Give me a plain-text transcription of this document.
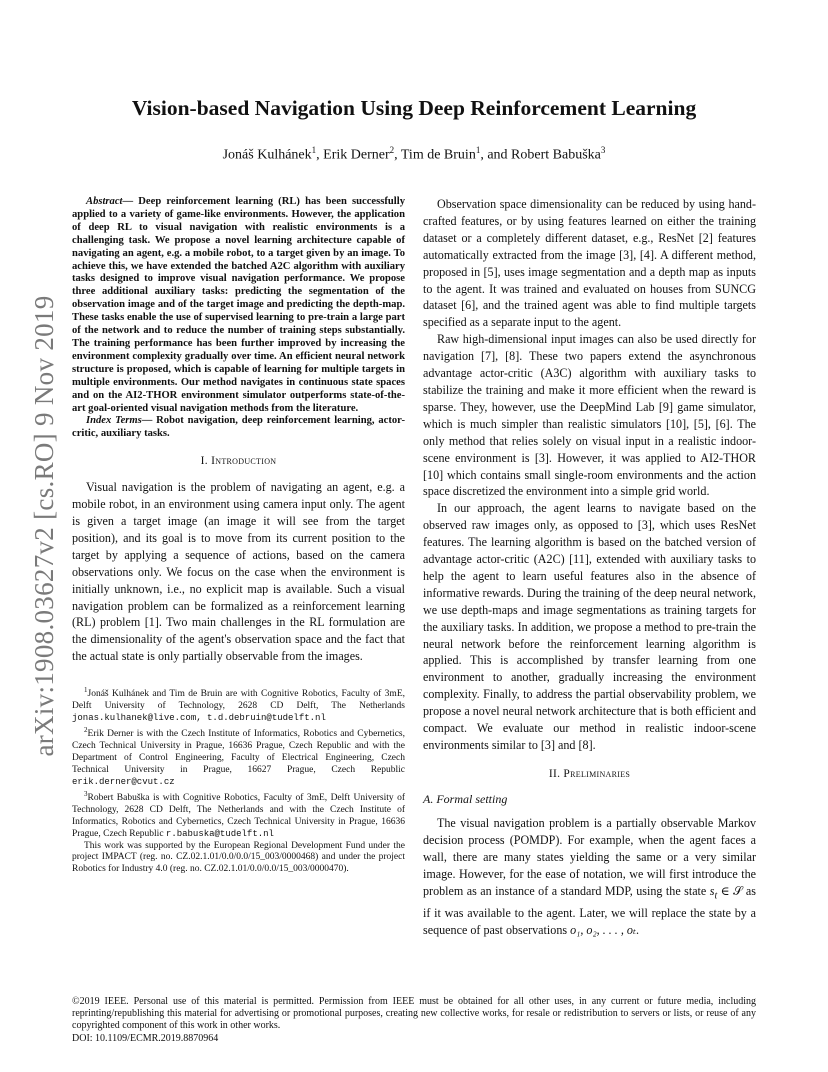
arXiv:1908.03627v2 [cs.RO] 9 Nov 2019
Vision-based Navigation Using Deep Reinforcement Learning
Jonáš Kulhánek$^1$, Erik Derner$^2$, Tim de Bruin$^1$, and Robert Babuška$^3$

Abstract— Deep reinforcement learning (RL) has been successfully applied to a variety of game-like environments. However, the application of deep RL to visual navigation with realistic environments is a challenging task. We propose a novel learning architecture capable of navigating an agent, e.g. a mobile robot, to a target given by an image. To achieve this, we have extended the batched A2C algorithm with auxiliary tasks designed to improve visual navigation performance. We propose three additional auxiliary tasks: predicting the segmentation of the observation image and of the target image and predicting the depth-map. These tasks enable the use of supervised learning to pre-train a large part of the network and to reduce the number of training steps substantially. The training performance has been further improved by increasing the environment complexity gradually over time. An efficient neural network structure is proposed, which is capable of learning for multiple targets in multiple environments. Our method navigates in continuous state spaces and on the AI2-THOR environment simulator outperforms state-of-the-art goal-oriented visual navigation methods from the literature.

Index Terms— Robot navigation, deep reinforcement learning, actor-critic, auxiliary tasks.

I. Introduction

Visual navigation is the problem of navigating an agent, e.g. a mobile robot, in an environment using camera input only. The agent is given a target image (an image it will see from the target position), and its goal is to move from its current position to the target by applying a sequence of actions, based on the camera observations only. We focus on the case when the environment is initially unknown, i.e., no explicit map is available. Such a visual navigation problem can be formalized as a reinforcement learning (RL) problem [1]. Two main challenges in the RL formulation are the dimensionality of the agent's observation space and the fact that the actual state is only partially observable from the images.

$^1$Jonáš Kulhánek and Tim de Bruin are with Cognitive Robotics, Faculty of 3mE, Delft University of Technology, 2628 CD Delft, The Netherlands jonas.kulhanek@live.com, t.d.debruin@tudelft.nl

$^2$Erik Derner is with the Czech Institute of Informatics, Robotics and Cybernetics, Czech Technical University in Prague, 16636 Prague, Czech Republic and with the Department of Control Engineering, Faculty of Electrical Engineering, Czech Technical University in Prague, 16627 Prague, Czech Republic erik.derner@cvut.cz

$^3$Robert Babuška is with Cognitive Robotics, Faculty of 3mE, Delft University of Technology, 2628 CD Delft, The Netherlands and with the Czech Institute of Informatics, Robotics and Cybernetics, Czech Technical University in Prague, 16636 Prague, Czech Republic r.babuska@tudelft.nl

This work was supported by the European Regional Development Fund under the project IMPACT (reg. no. CZ.02.1.01/0.0/0.0/15_003/0000468) and under the project Robotics for Industry 4.0 (reg. no. CZ.02.1.01/0.0/0.0/15_003/0000470).

Observation space dimensionality can be reduced by using hand-crafted features, or by using features learned on either the training dataset or a completely different dataset, e.g., ResNet [2] features automatically extracted from the image [3], [4]. A different method, proposed in [5], uses image segmentation and a depth map as inputs to the agent. It was trained and evaluated on houses from SUNCG dataset [6], and the trained agent was able to find multiple targets specified as a separate input to the agent.

Raw high-dimensional input images can also be used directly for navigation [7], [8]. These two papers extend the asynchronous advantage actor-critic (A3C) algorithm with auxiliary tasks to stabilize the training and make it more efficient when the reward is sparse. They, however, use the DeepMind Lab [9] game simulator, which is much simpler than realistic simulators [10], [5], [6]. The only method that relies solely on visual input in a realistic indoor-scene environment is [3]. However, it was applied to AI2-THOR [10] which contains small single-room environments and the action space discretized the environment into a simple grid world.

In our approach, the agent learns to navigate based on the observed raw images only, as opposed to [3], which uses ResNet features. The learning algorithm is based on the batched version of advantage actor-critic (A2C) [11], extended with auxiliary tasks to help the agent to learn useful features also in the absence of informative rewards. During the training of the deep neural network, we use depth-maps and image segmentations as training targets for the auxiliary tasks. In addition, we propose a method to pre-train the neural network before the reinforcement learning algorithm is applied. This is accomplished by transfer learning from one environment to another, gradually increasing the environment complexity. Finally, to address the partial observability problem, we propose a novel neural network architecture that is both efficient and compact. We evaluate our method in realistic indoor-scene environments similar to [3] and [8].

II. Preliminaries
A. Formal setting

The visual navigation problem is a partially observable Markov decision process (POMDP). For example, when the agent faces a wall, there are many states yielding the same or a very similar image. However, for the ease of notation, we will first introduce the problem as an instance of a standard MDP, using the state $s_t$ ∈ 𝒮 as if it was available to the agent. Later, we will replace the state by a sequence of past observations o₁, o₂, . . . , oₜ.

©2019 IEEE. Personal use of this material is permitted. Permission from IEEE must be obtained for all other uses, in any current or future media, including reprinting/republishing this material for advertising or promotional purposes, creating new collective works, for resale or redistribution to servers or lists, or reuse of any copyrighted component of this work in other works.

DOI: 10.1109/ECMR.2019.8870964
